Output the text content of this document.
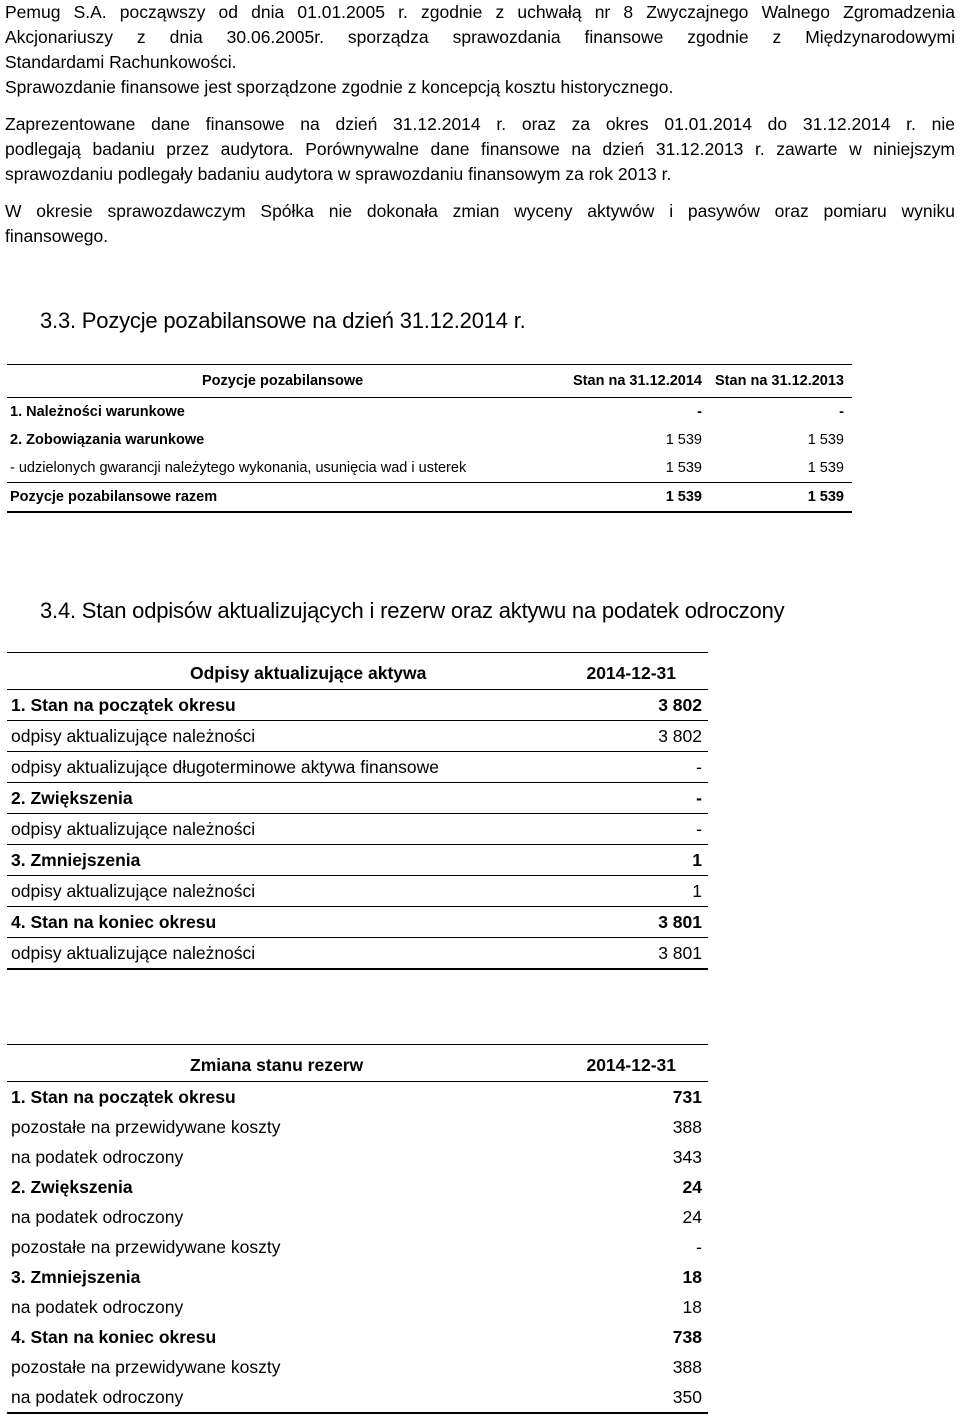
Pemug S.A. począwszy od dnia 01.01.2005 r. zgodnie z uchwałą nr 8 Zwyczajnego Walnego Zgromadzenia
Akcjonariuszy z dnia 30.06.2005r. sporządza sprawozdania finansowe zgodnie z Międzynarodowymi
Standardami Rachunkowości.
Sprawozdanie finansowe jest sporządzone zgodnie z koncepcją kosztu historycznego.
Zaprezentowane dane finansowe na dzień 31.12.2014 r. oraz za okres 01.01.2014 do 31.12.2014 r. nie
podlegają badaniu przez audytora. Porównywalne dane finansowe na dzień 31.12.2013 r. zawarte w niniejszym
sprawozdaniu podlegały badaniu audytora w sprawozdaniu finansowym za rok 2013 r.
W okresie sprawozdawczym Spółka nie dokonała zmian wyceny aktywów i pasywów oraz pomiaru wyniku
finansowego.
3.3. Pozycje pozabilansowe na dzień 31.12.2014 r.
Pozycje pozabilansowe	Stan na 31.12.2014 Stan na 31.12.2013
1. Należności warunkowe	-	-
2. Zobowiązania warunkowe	1 539	1 539
- udzielonych gwarancji należytego wykonania, usunięcia wad i usterek	1 539	1 539
Pozycje pozabilansowe razem	1 539	1 539
3.4. Stan odpisów aktualizujących i rezerw oraz aktywu na podatek odroczony
Odpisy aktualizujące aktywa	2014-12-31
1. Stan na początek okresu	3 802
odpisy aktualizujące należności	3 802
odpisy aktualizujące długoterminowe aktywa finansowe	-
2. Zwiększenia	-
odpisy aktualizujące należności	-
3. Zmniejszenia	1
odpisy aktualizujące należności	1
4. Stan na koniec okresu	3 801
odpisy aktualizujące należności	3 801
Zmiana stanu rezerw	2014-12-31
1. Stan na początek okresu	731
pozostałe na przewidywane koszty	388
na podatek odroczony	343
2. Zwiększenia	24
na podatek odroczony	24
pozostałe na przewidywane koszty	-
3. Zmniejszenia	18
na podatek odroczony	18
4. Stan na koniec okresu	738
pozostałe na przewidywane koszty	388
na podatek odroczony	350
